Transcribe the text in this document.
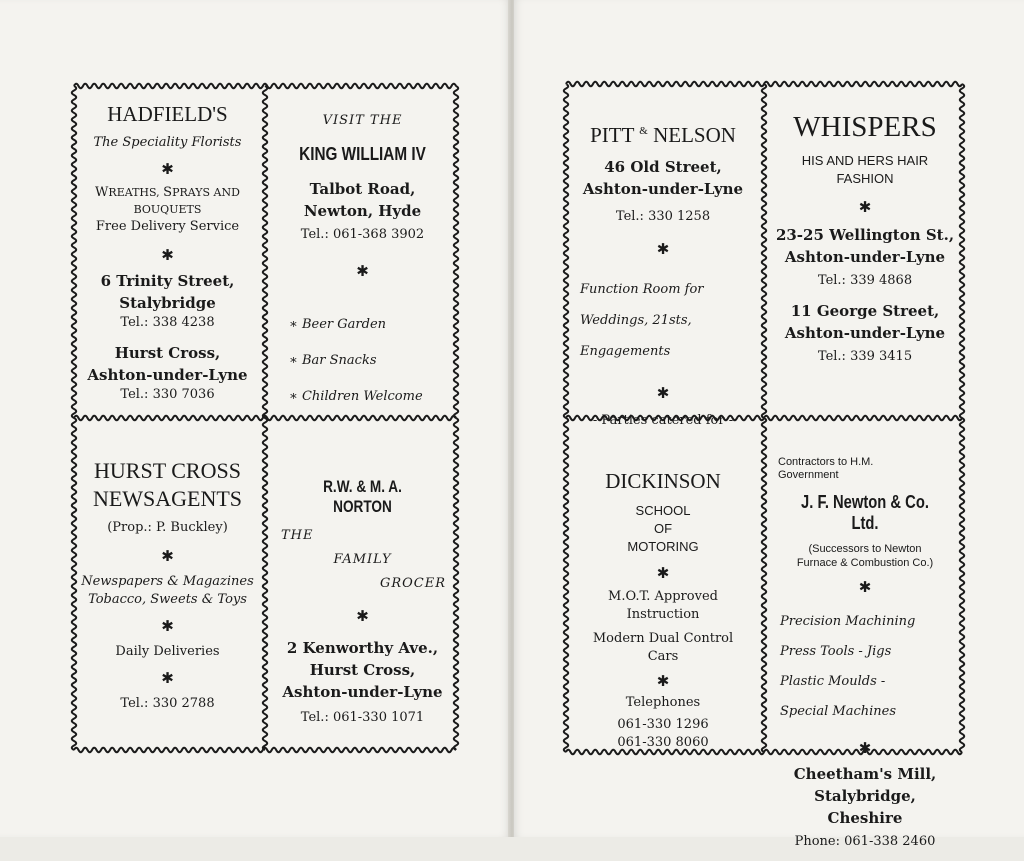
HADFIELD'S

The Speciality Florists

✱

WREATHS, SPRAYS AND

BOUQUETS

Free Delivery Service

✱

6 Trinity Street,

Stalybridge

Tel.: 338 4238

Hurst Cross,

Ashton-under-Lyne

Tel.: 330 7036

VISIT THE

KING WILLIAM IV

Talbot Road,

Newton, Hyde

Tel.: 061-368 3902

✱

∗ Beer Garden

∗ Bar Snacks

∗ Children Welcome

HURST CROSS

NEWSAGENTS

(Prop.: P. Buckley)

✱

Newspapers & Magazines

Tobacco, Sweets & Toys

✱

Daily Deliveries

✱

Tel.: 330 2788

R.W. & M. A. NORTON

THE

FAMILY

GROCER

✱

2 Kenworthy Ave.,

Hurst Cross,

Ashton-under-Lyne

Tel.: 061-330 1071

PITT & NELSON

46 Old Street,

Ashton-under-Lyne

Tel.: 330 1258

✱

Function Room for

Weddings, 21sts,

Engagements

✱

- Parties catered for -

WHISPERS

HIS AND HERS HAIR

FASHION

✱

23-25 Wellington St.,

Ashton-under-Lyne

Tel.: 339 4868

11 George Street,

Ashton-under-Lyne

Tel.: 339 3415

DICKINSON

SCHOOL

OF

MOTORING

✱

M.O.T. Approved

Instruction

Modern Dual Control

Cars

✱

Telephones

061-330 1296

061-330 8060

Contractors to H.M.

Government

J. F. Newton & Co. Ltd.

(Successors to Newton

Furnace & Combustion Co.)

✱

Precision Machining

Press Tools - Jigs

Plastic Moulds -

Special Machines

✱

Cheetham's Mill,

Stalybridge,

Cheshire

Phone: 061-338 2460
